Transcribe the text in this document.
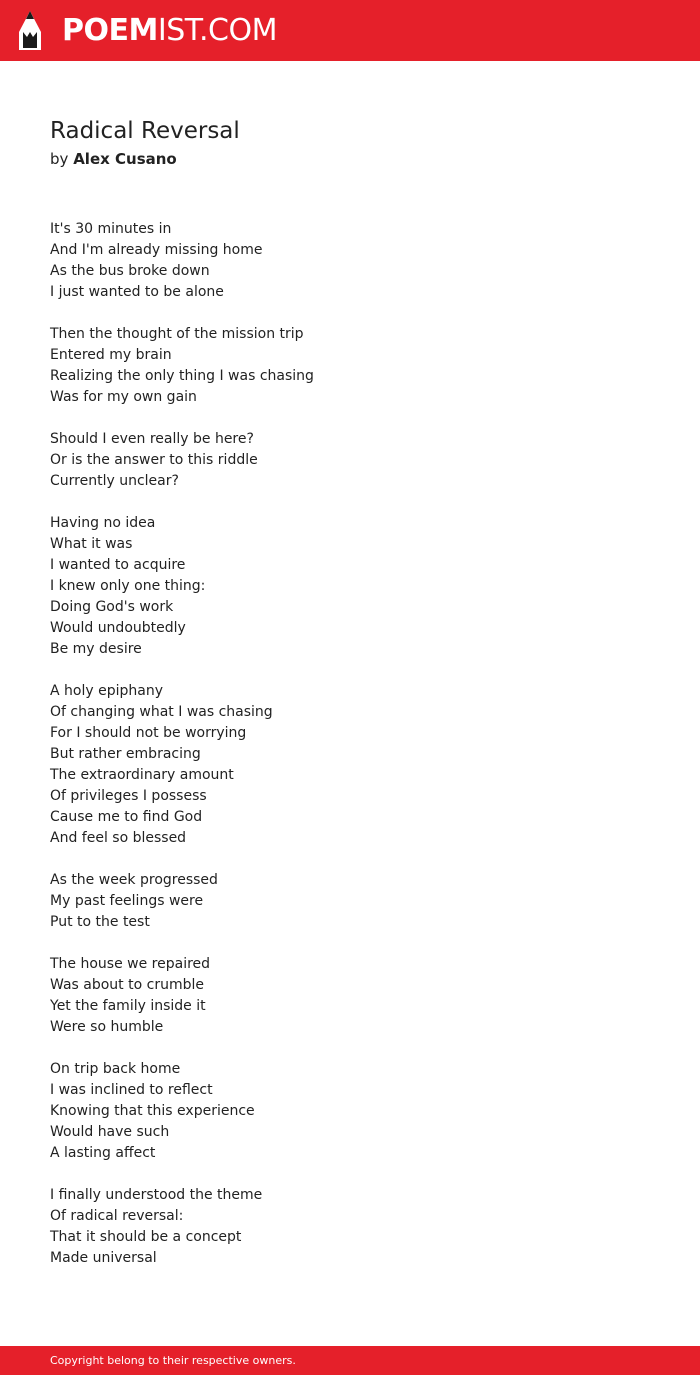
POEMIST.COM
Radical Reversal
by Alex Cusano
It's 30 minutes in
And I'm already missing home
As the bus broke down
I just wanted to be alone
Then the thought of the mission trip
Entered my brain
Realizing the only thing I was chasing
Was for my own gain
Should I even really be here?
Or is the answer to this riddle
Currently unclear?
Having no idea
What it was
I wanted to acquire
I knew only one thing:
Doing God's work
Would undoubtedly
Be my desire
A holy epiphany
Of changing what I was chasing
For I should not be worrying
But rather embracing
The extraordinary amount
Of privileges I possess
Cause me to find God
And feel so blessed
As the week progressed
My past feelings were
Put to the test
The house we repaired
Was about to crumble
Yet the family inside it
Were so humble
On trip back home
I was inclined to reflect
Knowing that this experience
Would have such
A lasting affect
I finally understood the theme
Of radical reversal:
That it should be a concept
Made universal
Copyright belong to their respective owners.
